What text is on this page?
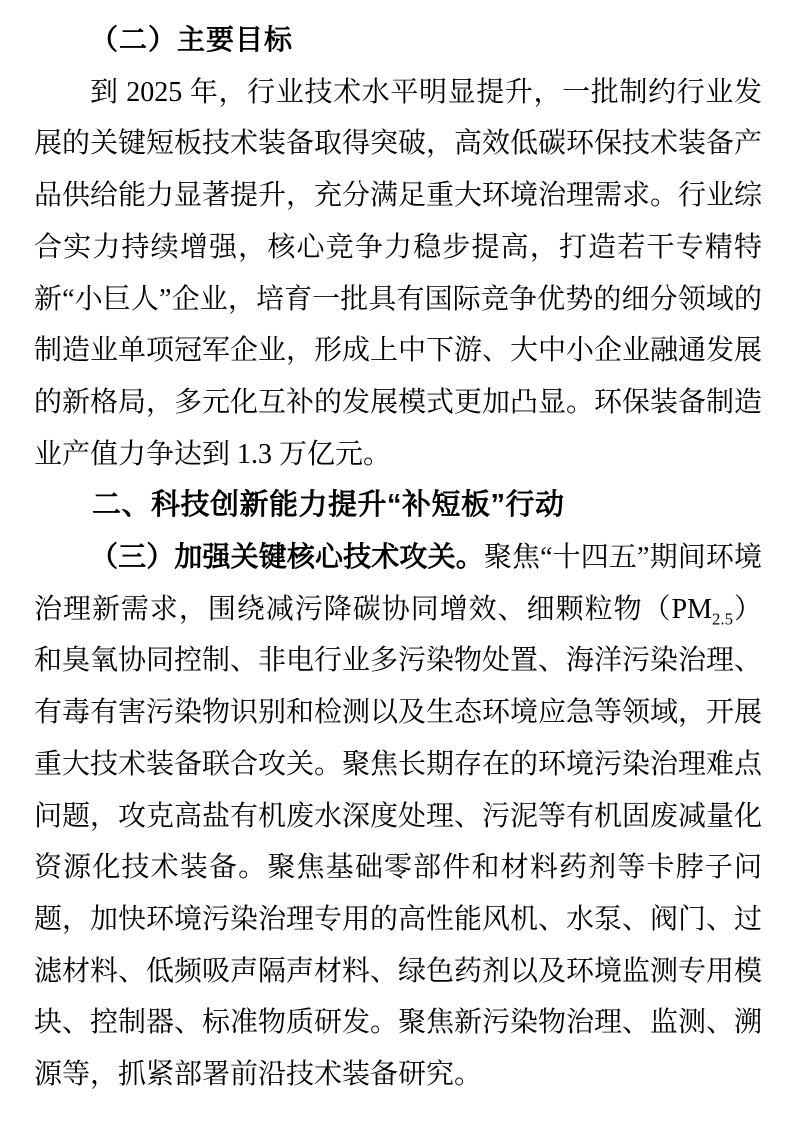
（二）主要目标

到 2025 年，行业技术水平明显提升，一批制约行业发展的关键短板技术装备取得突破，高效低碳环保技术装备产品供给能力显著提升，充分满足重大环境治理需求。行业综合实力持续增强，核心竞争力稳步提高，打造若干专精特新“小巨人”企业，培育一批具有国际竞争优势的细分领域的制造业单项冠军企业，形成上中下游、大中小企业融通发展的新格局，多元化互补的发展模式更加凸显。环保装备制造业产值力争达到 1.3 万亿元。

二、科技创新能力提升“补短板”行动

（三）加强关键核心技术攻关。聚焦“十四五”期间环境治理新需求，围绕减污降碳协同增效、细颗粒物$(PM_{2.5})$和臭氧协同控制、非电行业多污染物处置、海洋污染治理、有毒有害污染物识别和检测以及生态环境应急等领域，开展重大技术装备联合攻关。聚焦长期存在的环境污染治理难点问题，攻克高盐有机废水深度处理、污泥等有机固废减量化资源化技术装备。聚焦基础零部件和材料药剂等卡脖子问题，加快环境污染治理专用的高性能风机、水泵、阀门、过滤材料、低频吸声隔声材料、绿色药剂以及环境监测专用模块、控制器、标准物质研发。聚焦新污染物治理、监测、溯源等，抓紧部署前沿技术装备研究。
